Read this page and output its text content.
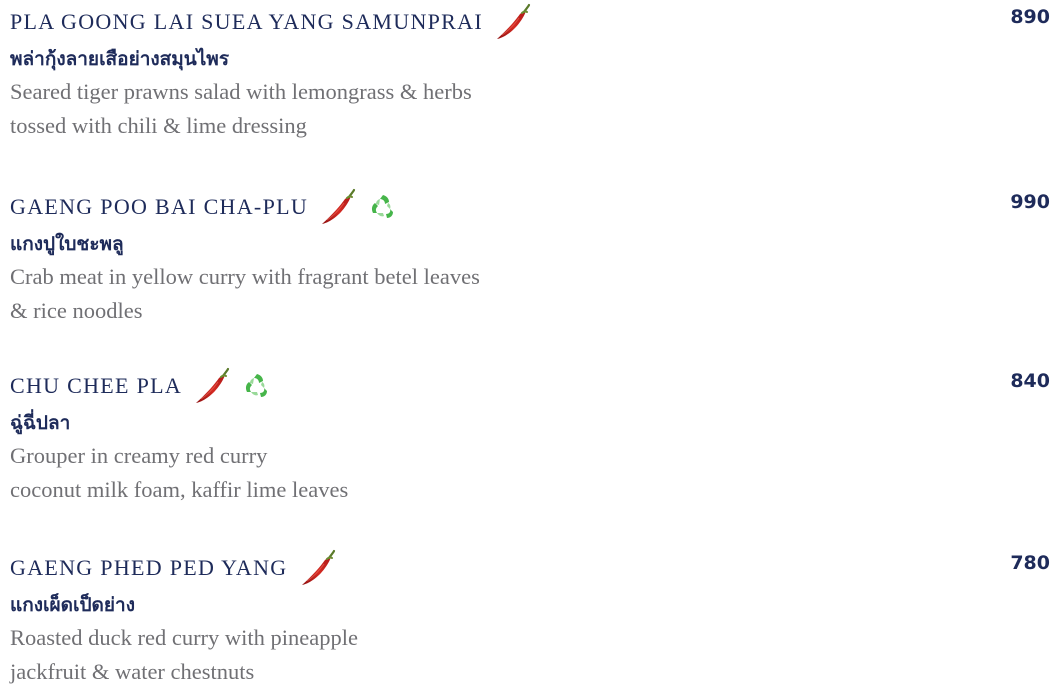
PLA GOONG LAI SUEA YANG SAMUNPRAI	890
พล่ากุ้งลายเสือย่างสมุนไพร
Seared tiger prawns salad with lemongrass & herbs
tossed with chili & lime dressing
GAENG POO BAI CHA-PLU	990
แกงปูใบชะพลู
Crab meat in yellow curry with fragrant betel leaves
& rice noodles
CHU CHEE PLA	840
ฉู่ฉี่ปลา
Grouper in creamy red curry
coconut milk foam, kaffir lime leaves
GAENG PHED PED YANG	780
แกงเผ็ดเป็ดย่าง
Roasted duck red curry with pineapple
jackfruit & water chestnuts
